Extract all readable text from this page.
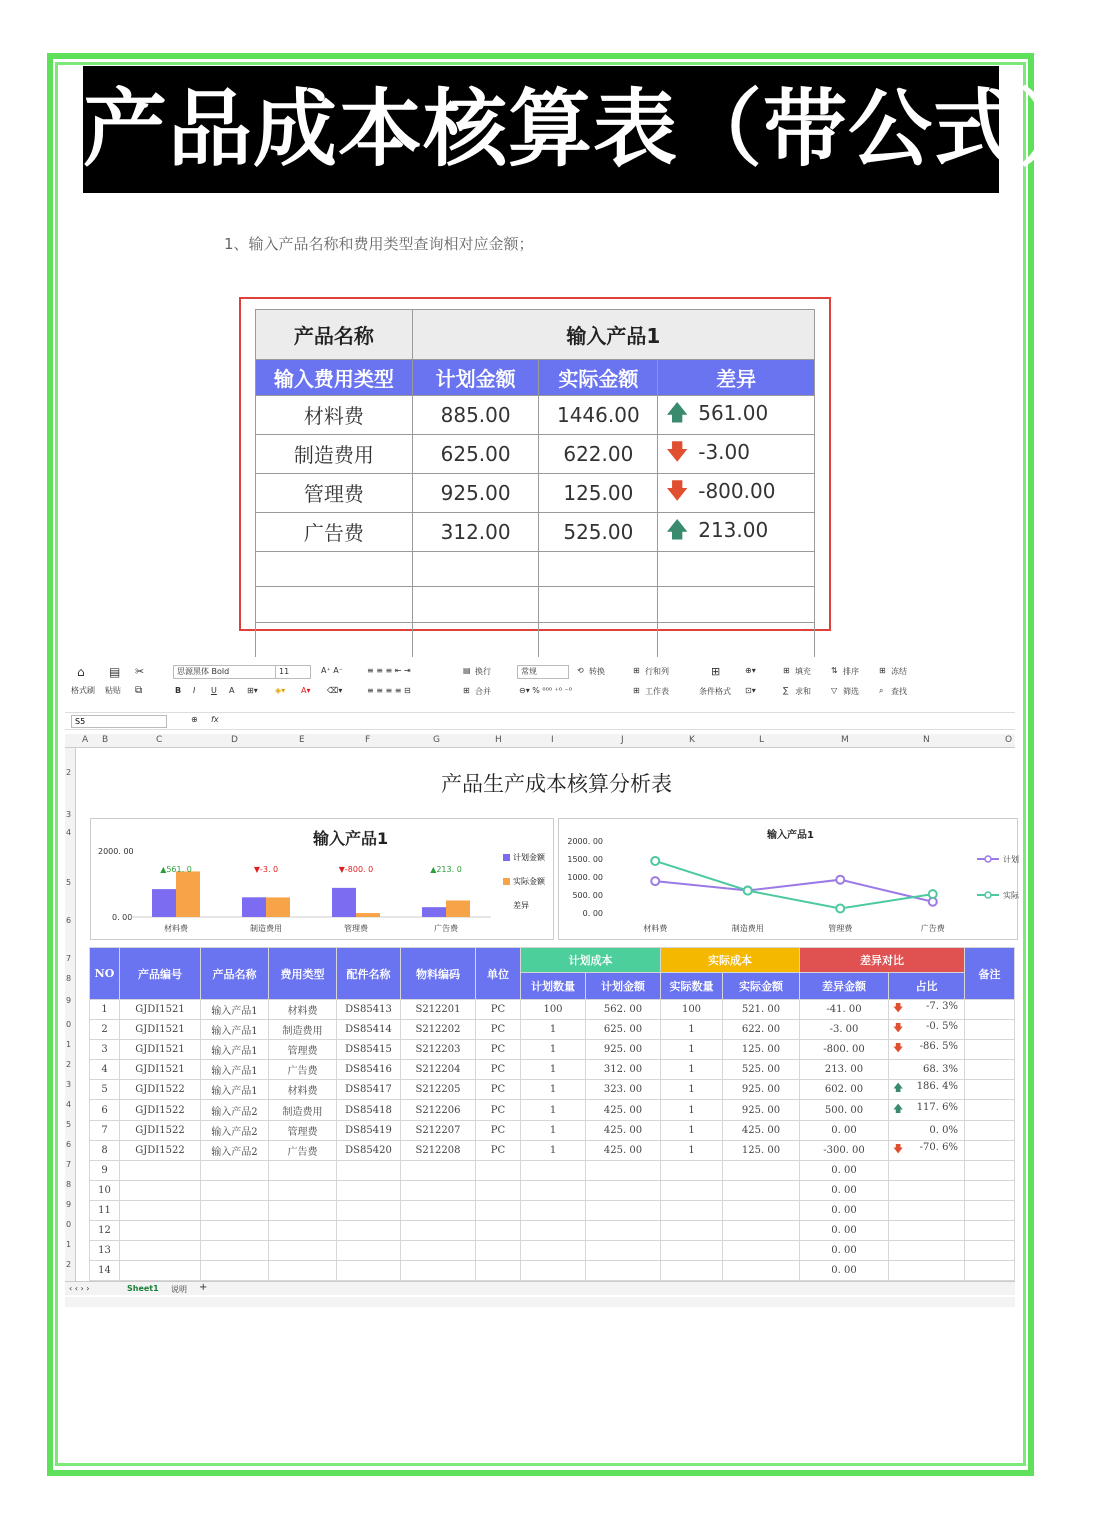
产品成本核算表（带公式）
1、输入产品名称和费用类型查询相对应金额；
产品名称	输入产品1		
输入费用类型	计划金额	实际金额	差异
材料费	885.00	1446.00	🡅 561.00
制造费用	625.00	622.00	🡇 -3.00
管理费	925.00	125.00	🡇 -800.00
广告费	312.00	525.00	🡅 213.00

⌂
格式刷
▤
粘贴
✂
⧉
思源黑体 Bold	11	A⁺ A⁻
B I U A ⊞▾ ◈▾ A▾ ⌫▾
≡ ≡ ≡ ⇤ ⇥
≡ ≡ ≡ ≡ ⊟
▤ 换行
⊞ 合并
常规
⊖▾ % ⁰⁰⁰ ⁺⁰ ⁻⁰
⟲ 转换	⊞ 行和列
⊞ 工作表
⊞
条件格式
⊕▾
⊡▾
⊞ 填充	⇅ 排序	⊞ 冻结
∑ 求和	▽ 筛选	⌕ 查找
S5	⊕ fx
A B	C	D	E	F	G	H	I	J	K	L	M	N	O
2
3
4
5
6
7
8
9
0
1
2
3
4
5
6
7
8
9
0
1
2
产品生产成本核算分析表
输入产品1
2000. 00
0. 00
▲561. 0
材料费
▼-3. 0
制造费用
▼-800. 0
管理费
▲213. 0
广告费
计划金额
实际金额
差异
输入产品1
2000. 00
1500. 00
1000. 00
500. 00
0. 00
计划
实际
材料费	制造费用	管理费	广告费
NO	产品编号	产品名称	费用类型	配件名称	物料编码	单位	计划成本		实际成本		差异对比		备注
							计划数量	计划金额	实际数量	实际金额	差异金额	占比	
1	GJDI1521	输入产品1	材料费	DS85413	S212201	PC	100	562. 00	100	521. 00	-41. 00	🡇 -7. 3%	
2	GJDI1521	输入产品1	制造费用	DS85414	S212202	PC	1	625. 00	1	622. 00	-3. 00	🡇 -0. 5%	
3	GJDI1521	输入产品1	管理费	DS85415	S212203	PC	1	925. 00	1	125. 00	-800. 00	🡇 -86. 5%	
4	GJDI1521	输入产品1	广告费	DS85416	S212204	PC	1	312. 00	1	525. 00	213. 00	68. 3%	
5	GJDI1522	输入产品1	材料费	DS85417	S212205	PC	1	323. 00	1	925. 00	602. 00	🡅 186. 4%	
6	GJDI1522	输入产品2	制造费用	DS85418	S212206	PC	1	425. 00	1	925. 00	500. 00	🡅 117. 6%	
7	GJDI1522	输入产品2	管理费	DS85419	S212207	PC	1	425. 00	1	425. 00	0. 00	0. 0%	
8	GJDI1522	输入产品2	广告费	DS85420	S212208	PC	1	425. 00	1	125. 00	-300. 00	🡇 -70. 6%	
9											0. 00		
10											0. 00		
11											0. 00		
12											0. 00		
13											0. 00		
14											0. 00		
‹ ‹ › ›	Sheet1 说明 +
